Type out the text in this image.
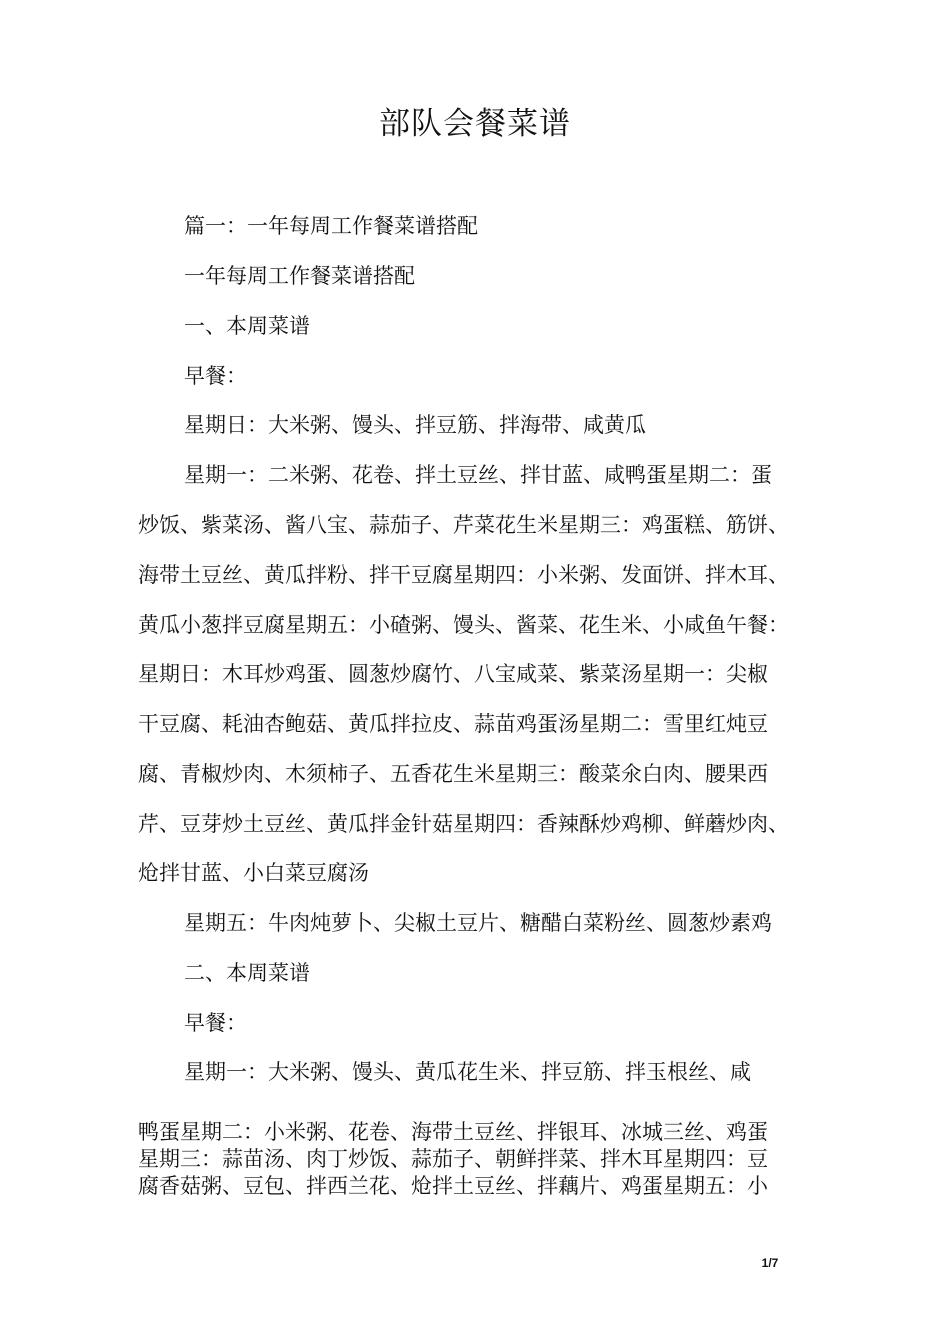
部队会餐菜谱
篇一：一年每周工作餐菜谱搭配
一年每周工作餐菜谱搭配
一、本周菜谱
早餐：
星期日：大米粥、馒头、拌豆筋、拌海带、咸黄瓜
星期一：二米粥、花卷、拌土豆丝、拌甘蓝、咸鸭蛋星期二：蛋
炒饭、紫菜汤、酱八宝、蒜茄子、芹菜花生米星期三：鸡蛋糕、筋饼、
海带土豆丝、黄瓜拌粉、拌干豆腐星期四：小米粥、发面饼、拌木耳、
黄瓜小葱拌豆腐星期五：小碴粥、馒头、酱菜、花生米、小咸鱼午餐：
星期日：木耳炒鸡蛋、圆葱炒腐竹、八宝咸菜、紫菜汤星期一：尖椒
干豆腐、耗油杏鲍菇、黄瓜拌拉皮、蒜苗鸡蛋汤星期二：雪里红炖豆
腐、青椒炒肉、木须柿子、五香花生米星期三：酸菜氽白肉、腰果西
芹、豆芽炒土豆丝、黄瓜拌金针菇星期四：香辣酥炒鸡柳、鲜蘑炒肉、
炝拌甘蓝、小白菜豆腐汤
星期五：牛肉炖萝卜、尖椒土豆片、糖醋白菜粉丝、圆葱炒素鸡
二、本周菜谱
早餐：
星期一：大米粥、馒头、黄瓜花生米、拌豆筋、拌玉根丝、咸
鸭蛋星期二：小米粥、花卷、海带土豆丝、拌银耳、冰城三丝、鸡蛋
星期三：蒜苗汤、肉丁炒饭、蒜茄子、朝鲜拌菜、拌木耳星期四：豆
腐香菇粥、豆包、拌西兰花、炝拌土豆丝、拌藕片、鸡蛋星期五：小
1/7
